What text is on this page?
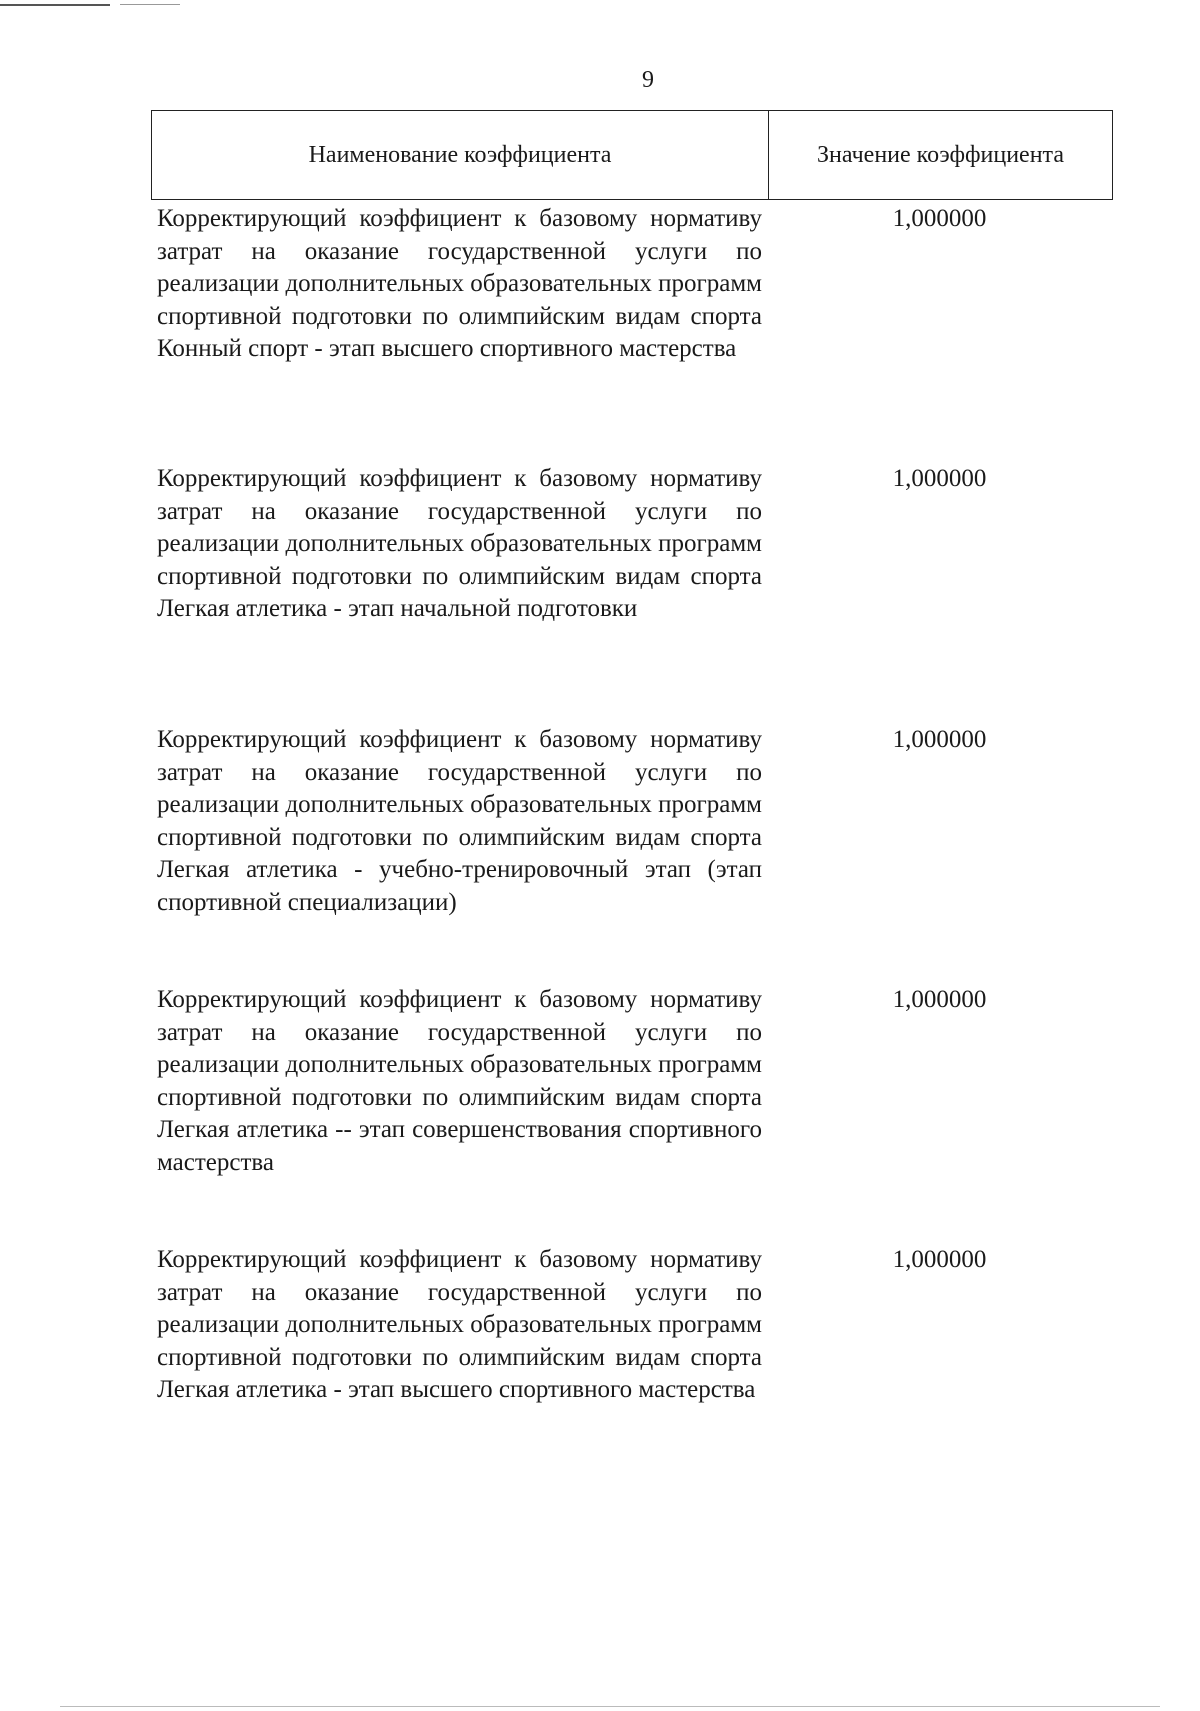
9
Наименование коэффициента	Значение коэффициента
Корректирующий коэффициент к базовому нормативу затрат на оказание государственной услуги по реализации дополнительных образовательных программ спортивной подготовки по олимпийским видам спорта Конный спорт - этап высшего спортивного мастерства
1,000000
Корректирующий коэффициент к базовому нормативу затрат на оказание государственной услуги по реализации дополнительных образовательных программ спортивной подготовки по олимпийским видам спорта Легкая атлетика - этап начальной подготовки
1,000000
Корректирующий коэффициент к базовому нормативу затрат на оказание государственной услуги по реализации дополнительных образовательных программ спортивной подготовки по олимпийским видам спорта Легкая атлетика - учебно-тренировочный этап (этап спортивной специализации)
1,000000
Корректирующий коэффициент к базовому нормативу затрат на оказание государственной услуги по реализации дополнительных образовательных программ спортивной подготовки по олимпийским видам спорта Легкая атлетика -- этап совершенствования спортивного мастерства
1,000000
Корректирующий коэффициент к базовому нормативу затрат на оказание государственной услуги по реализации дополнительных образовательных программ спортивной подготовки по олимпийским видам спорта Легкая атлетика - этап высшего спортивного мастерства
1,000000
